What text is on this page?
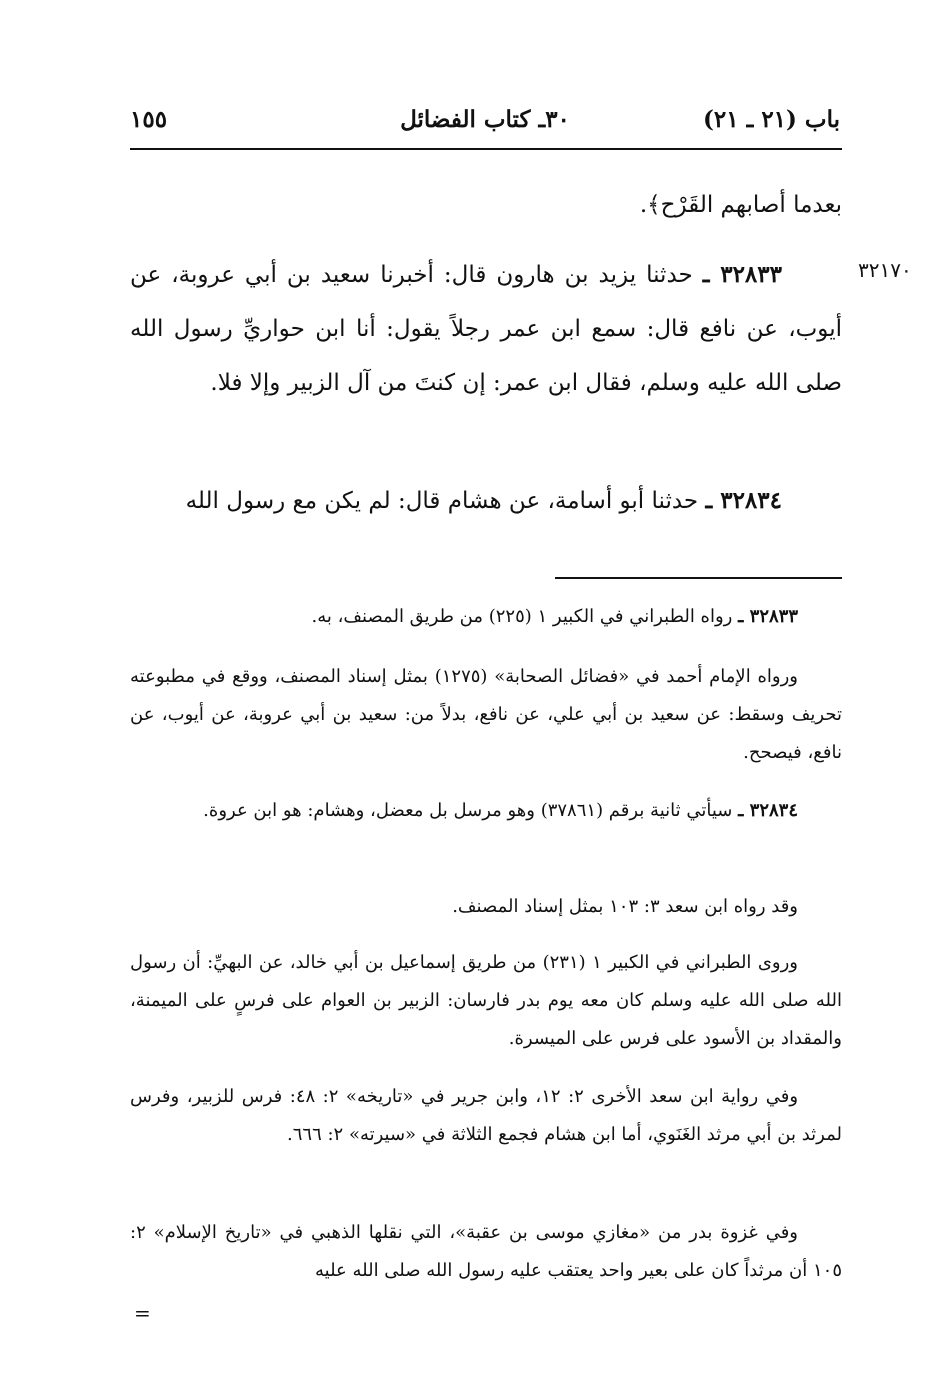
باب (٢١ ـ ٢١)
٣٠ـ كتاب الفضائل
١٥٥

بعدما أصابهم القَرْح﴾.

٣٢١٧٠

٣٢٨٣٣ ـ حدثنا يزيد بن هارون قال: أخبرنا سعيد بن أبي عروبة، عن أيوب، عن نافع قال: سمع ابن عمر رجلاً يقول: أنا ابن حواريِّ رسول الله صلى الله عليه وسلم، فقال ابن عمر: إن كنتَ من آل الزبير وإلا فلا.

٣٢٨٣٤ ـ حدثنا أبو أسامة، عن هشام قال: لم يكن مع رسول الله

٣٢٨٣٣ ـ رواه الطبراني في الكبير ١ (٢٢٥) من طريق المصنف، به.

ورواه الإمام أحمد في «فضائل الصحابة» (١٢٧٥) بمثل إسناد المصنف، ووقع في مطبوعته تحريف وسقط: عن سعيد بن أبي علي، عن نافع، بدلاً من: سعيد بن أبي عروبة، عن أيوب، عن نافع، فيصحح.

٣٢٨٣٤ ـ سيأتي ثانية برقم (٣٧٨٦١) وهو مرسل بل معضل، وهشام: هو ابن عروة.

وقد رواه ابن سعد ٣: ١٠٣ بمثل إسناد المصنف.

وروى الطبراني في الكبير ١ (٢٣١) من طريق إسماعيل بن أبي خالد، عن البهيِّ: أن رسول الله صلى الله عليه وسلم كان معه يوم بدر فارسان: الزبير بن العوام على فرسٍ على الميمنة، والمقداد بن الأسود على فرس على الميسرة.

وفي رواية ابن سعد الأخرى ٢: ١٢، وابن جرير في «تاريخه» ٢: ٤٨: فرس للزبير، وفرس لمرثد بن أبي مرثد الغَنَوي، أما ابن هشام فجمع الثلاثة في «سيرته» ٢: ٦٦٦.

وفي غزوة بدر من «مغازي موسى بن عقبة»، التي نقلها الذهبي في «تاريخ الإسلام» ٢: ١٠٥ أن مرثداً كان على بعير واحد يعتقب عليه رسول الله صلى الله عليه

=
